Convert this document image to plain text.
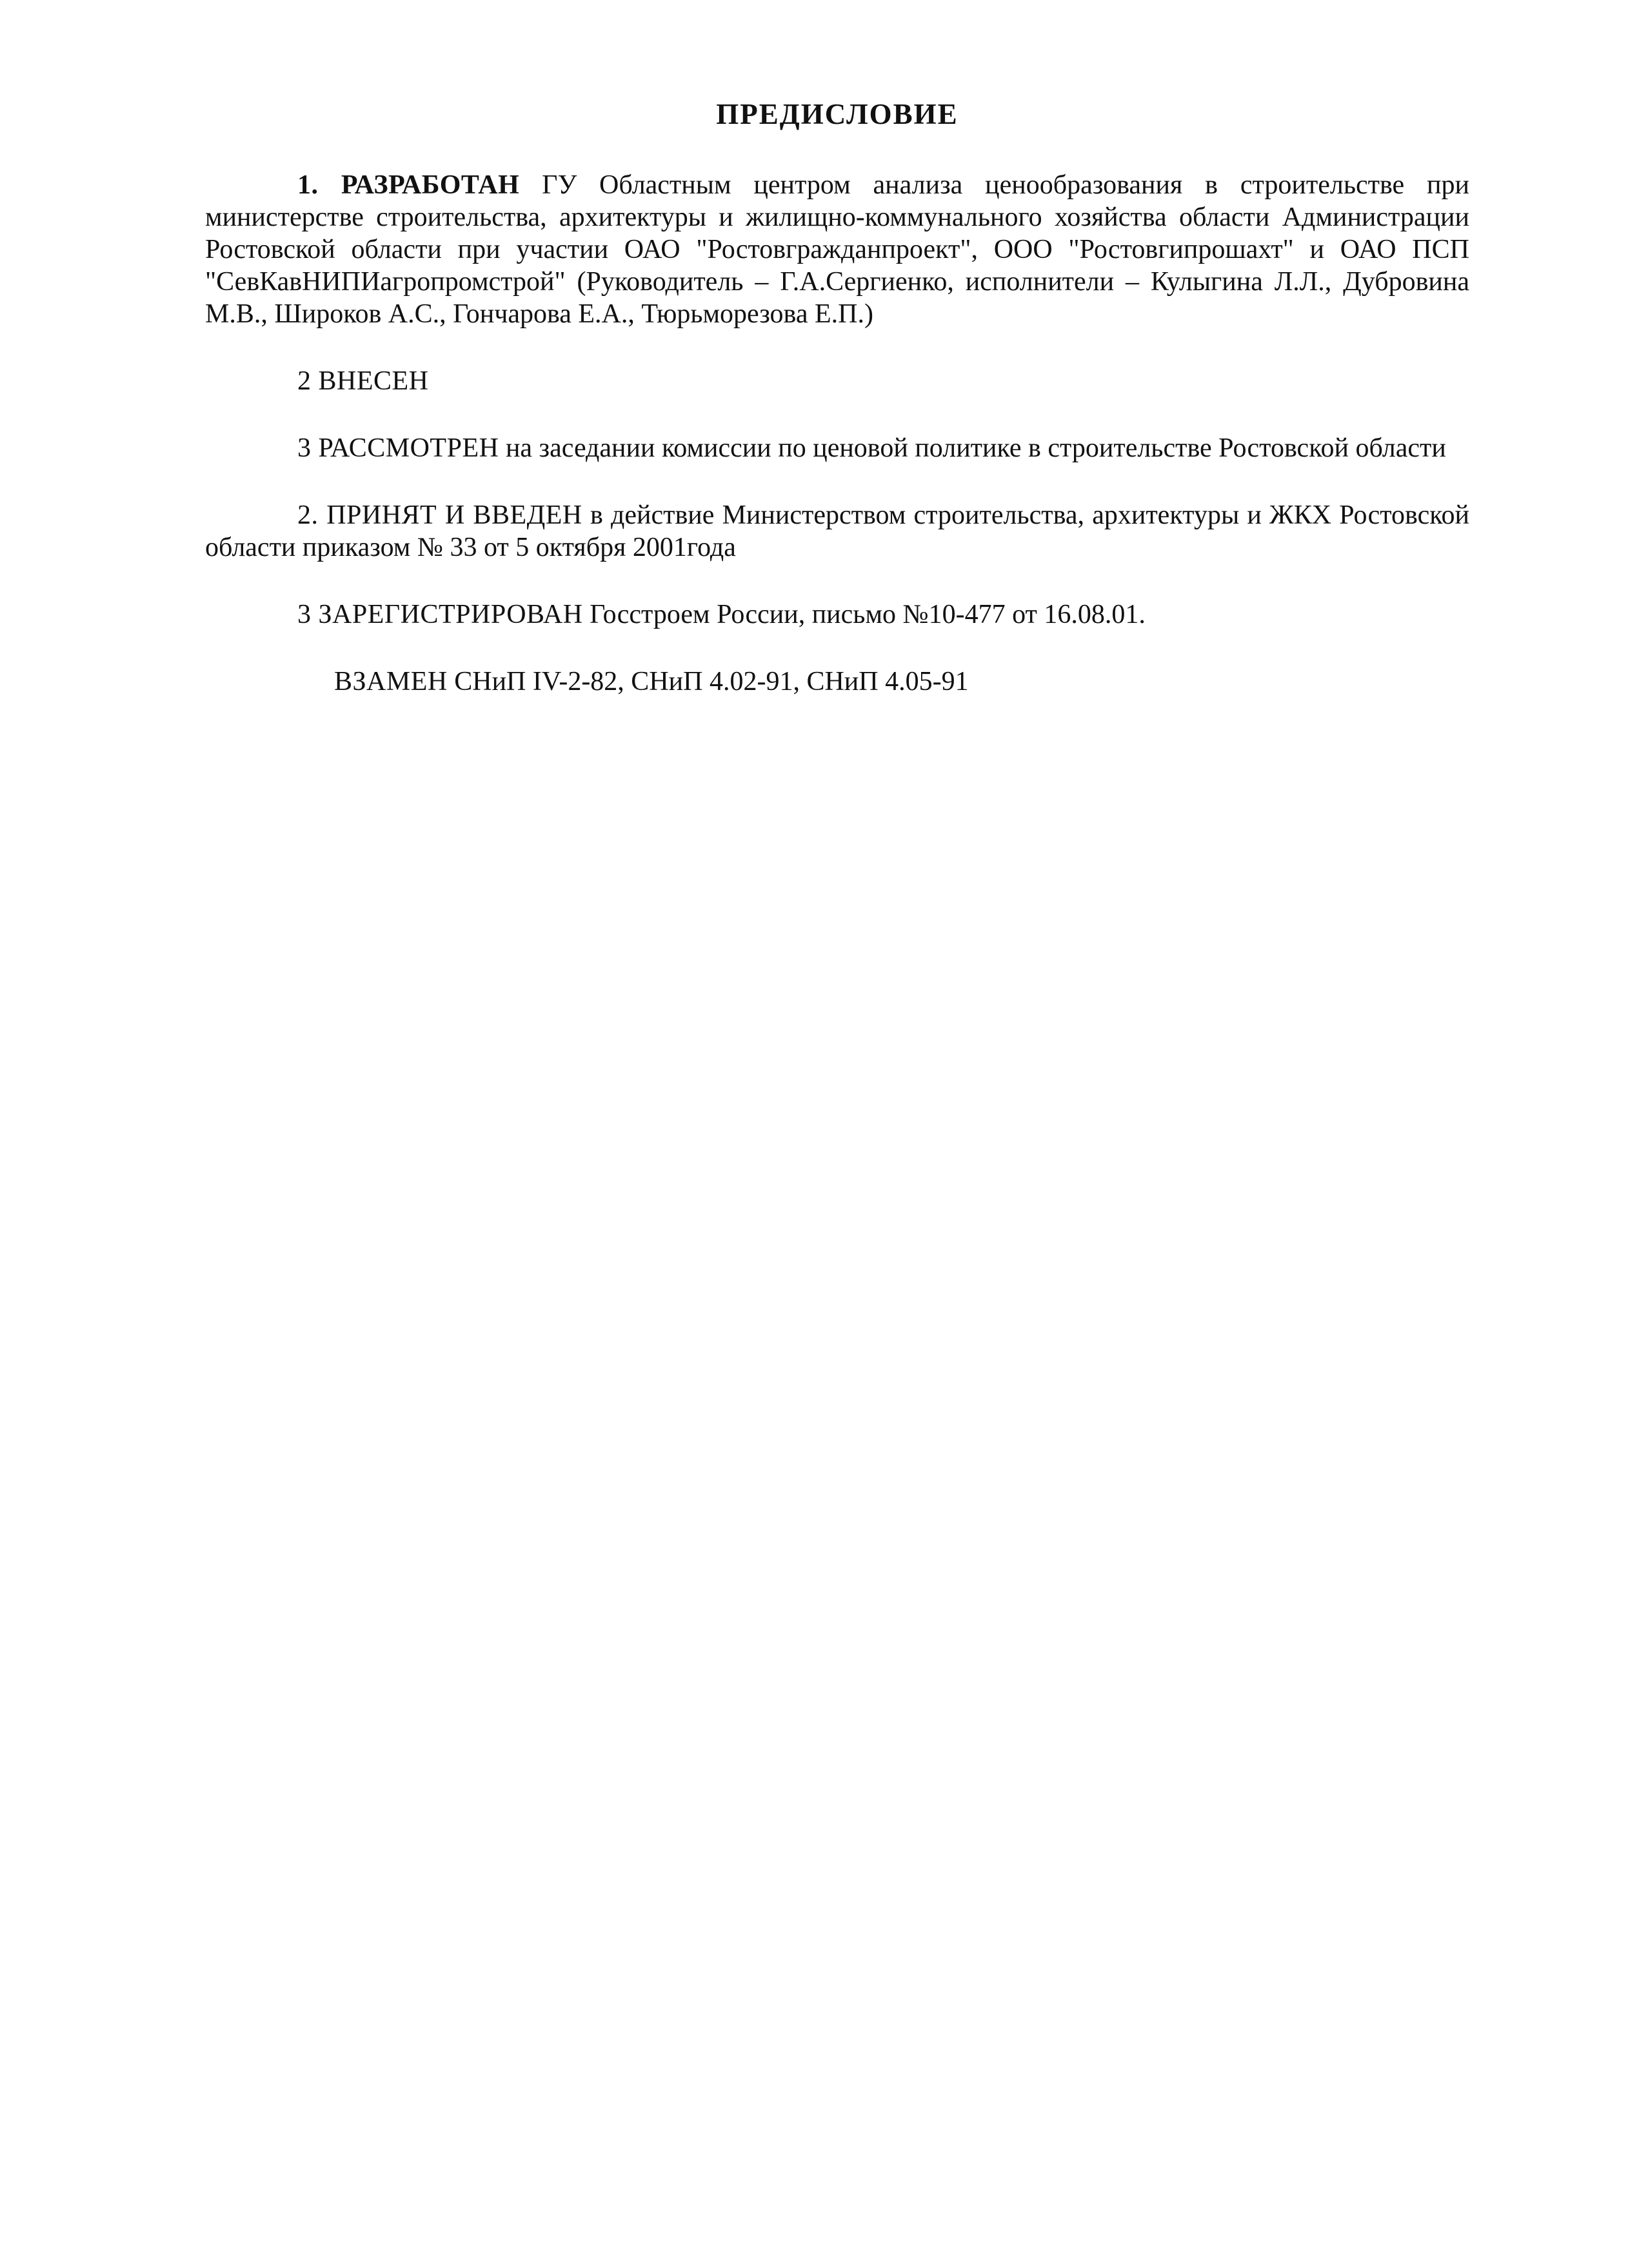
ПРЕДИСЛОВИЕ

1. РАЗРАБОТАН ГУ Областным центром анализа ценообразования в строительстве при министерстве строительства, архитектуры и жилищно-коммунального хозяйства области Администрации Ростовской области при участии ОАО "Ростовгражданпроект", ООО "Ростовгипрошахт" и ОАО ПСП "СевКавНИПИагропромстрой" (Руководитель – Г.А.Сергиенко, исполнители – Кулыгина Л.Л., Дубровина М.В., Широков А.С., Гончарова Е.А., Тюрьморезова Е.П.)

2 ВНЕСЕН

3 РАССМОТРЕН на заседании комиссии по ценовой политике в строительстве Ростовской области

2. ПРИНЯТ И ВВЕДЕН в действие Министерством строительства, архитектуры и ЖКХ Ростовской области приказом № 33 от 5 октября 2001года

3 ЗАРЕГИСТРИРОВАН Госстроем России, письмо №10-477 от 16.08.01.

ВЗАМЕН СНиП IV-2-82, СНиП 4.02-91, СНиП 4.05-91
